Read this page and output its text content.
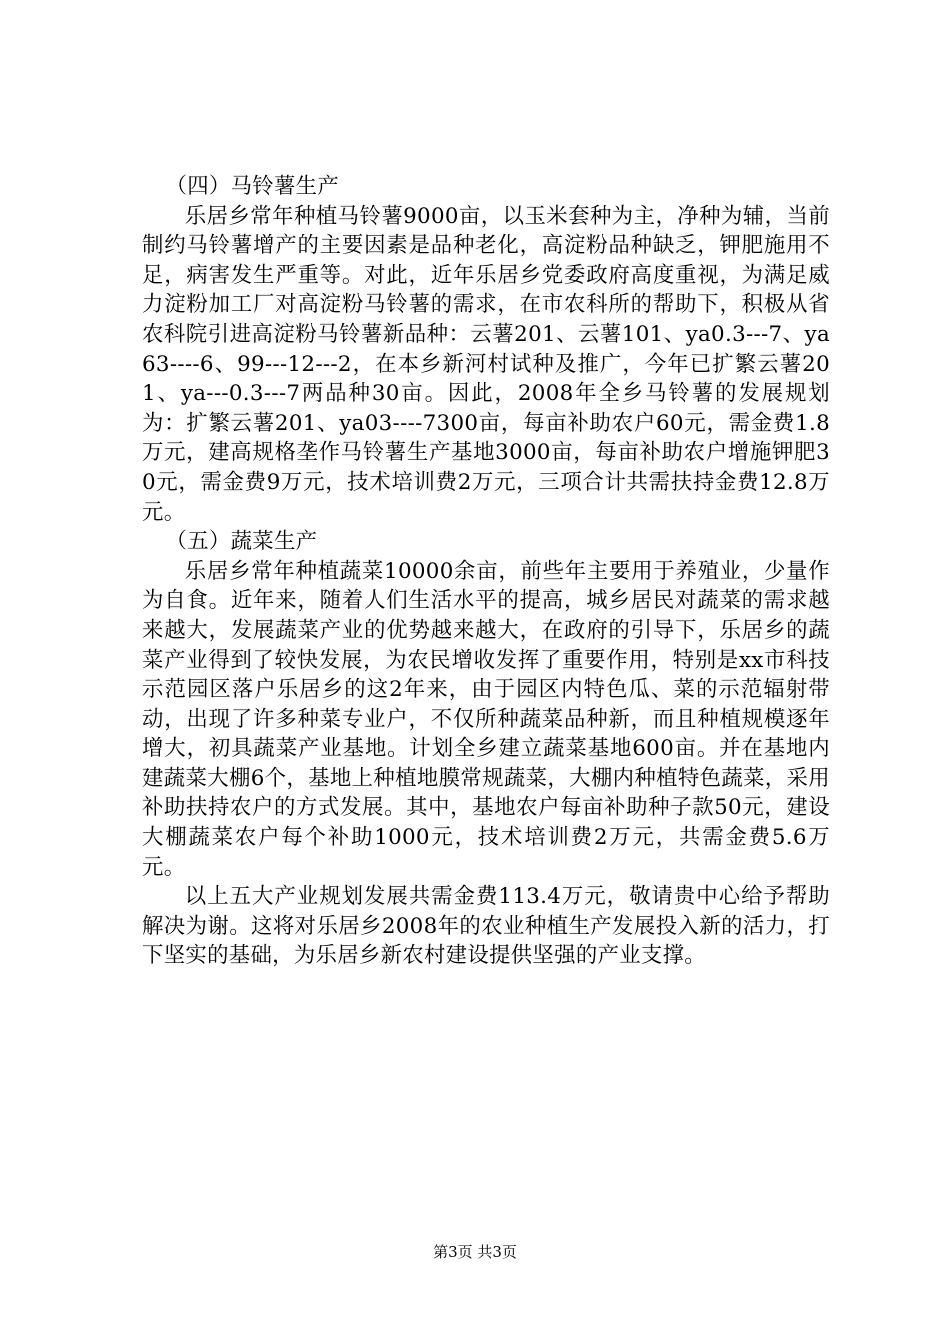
（四）马铃薯生产

乐居乡常年种植马铃薯9000亩，以玉米套种为主，净种为辅，当前制约马铃薯增产的主要因素是品种老化，高淀粉品种缺乏，钾肥施用不足，病害发生严重等。对此，近年乐居乡党委政府高度重视，为满足威力淀粉加工厂对高淀粉马铃薯的需求，在市农科所的帮助下，积极从省农科院引进高淀粉马铃薯新品种：云薯201、云薯101、ya0.3---7、ya63----6、99---12---2，在本乡新河村试种及推广，今年已扩繁云薯201、ya---0.3---7两品种30亩。因此，2008年全乡马铃薯的发展规划为：扩繁云薯201、ya03----7300亩，每亩补助农户60元，需金费1.8万元，建高规格垄作马铃薯生产基地3000亩，每亩补助农户增施钾肥30元，需金费9万元，技术培训费2万元，三项合计共需扶持金费12.8万元。

（五）蔬菜生产

乐居乡常年种植蔬菜10000余亩，前些年主要用于养殖业，少量作为自食。近年来，随着人们生活水平的提高，城乡居民对蔬菜的需求越来越大，发展蔬菜产业的优势越来越大，在政府的引导下，乐居乡的蔬菜产业得到了较快发展，为农民增收发挥了重要作用，特别是xx市科技示范园区落户乐居乡的这2年来，由于园区内特色瓜、菜的示范辐射带动，出现了许多种菜专业户，不仅所种蔬菜品种新，而且种植规模逐年增大，初具蔬菜产业基地。计划全乡建立蔬菜基地600亩。并在基地内建蔬菜大棚6个，基地上种植地膜常规蔬菜，大棚内种植特色蔬菜，采用补助扶持农户的方式发展。其中，基地农户每亩补助种子款50元，建设大棚蔬菜农户每个补助1000元，技术培训费2万元，共需金费5.6万元。

以上五大产业规划发展共需金费113.4万元，敬请贵中心给予帮助解决为谢。这将对乐居乡2008年的农业种植生产发展投入新的活力，打下坚实的基础，为乐居乡新农村建设提供坚强的产业支撑。

第3页 共3页
